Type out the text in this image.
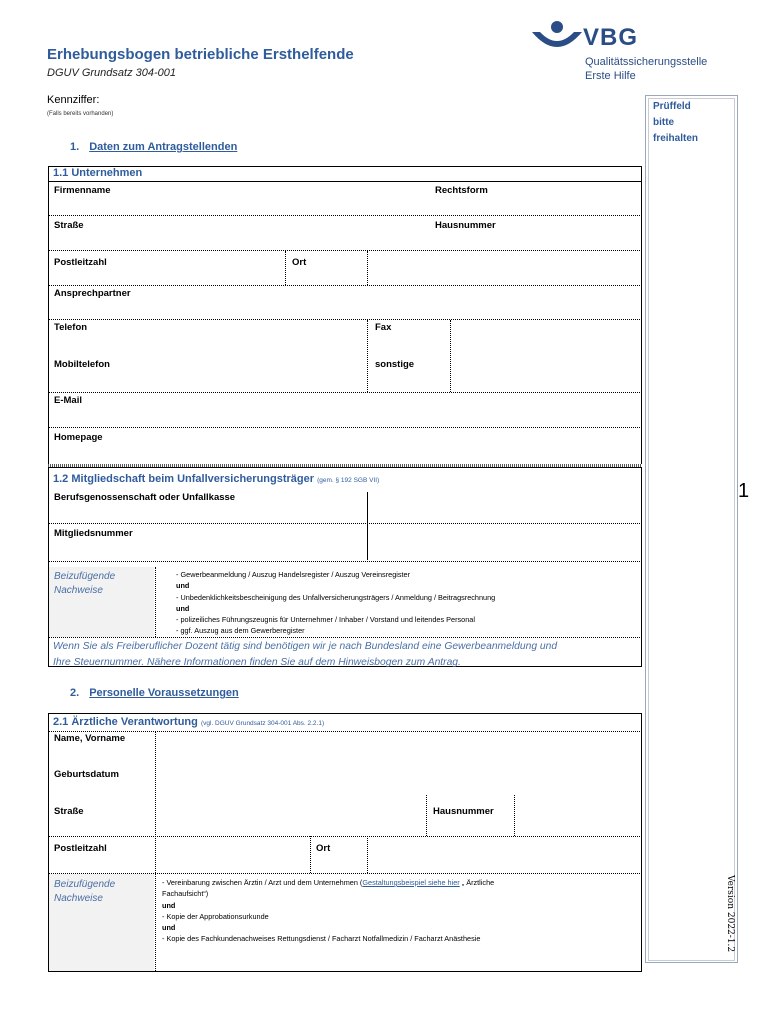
Erhebungsbogen betriebliche Ersthelfende
DGUV Grundsatz 304-001
Kennziffer:
(Falls bereits vorhanden)
VBG
Qualitätssicherungsstelle
Erste Hilfe
Prüffeld
bitte
freihalten
1
Version 2022-1.2
1. Daten zum Antragstellenden
1.1 Unternehmen
Firmenname	Rechtsform
Straße	Hausnummer
Postleitzahl	Ort
Ansprechpartner
Telefon	Fax
Mobiltelefon	sonstige
E-Mail
Homepage
1.2 Mitgliedschaft beim Unfallversicherungsträger (gem. § 192 SGB VII)
Berufsgenossenschaft oder Unfallkasse
Mitgliedsnummer
Beizufügende
Nachweise
- Gewerbeanmeldung / Auszug Handelsregister / Auszug Vereinsregister
und
- Unbedenklichkeitsbescheinigung des Unfallversicherungsträgers / Anmeldung / Beitragsrechnung
und
- polizeiliches Führungszeugnis für Unternehmer / Inhaber / Vorstand und leitendes Personal
- ggf. Auszug aus dem Gewerberegister
Wenn Sie als Freiberuflicher Dozent tätig sind benötigen wir je nach Bundesland eine Gewerbeanmeldung und
Ihre Steuernummer. Nähere Informationen finden Sie auf dem Hinweisbogen zum Antrag.
2. Personelle Voraussetzungen
2.1 Ärztliche Verantwortung (vgl. DGUV Grundsatz 304-001 Abs. 2.2.1)
Name, Vorname
Geburtsdatum
Straße	Hausnummer
Postleitzahl	Ort
Beizufügende
Nachweise
- Vereinbarung zwischen Ärztin / Arzt und dem Unternehmen (Gestaltungsbeispiel siehe hier „ Ärztliche
Fachaufsicht“)
und
- Kopie der Approbationsurkunde
und
- Kopie des Fachkundenachweises Rettungsdienst / Facharzt Notfallmedizin / Facharzt Anästhesie
